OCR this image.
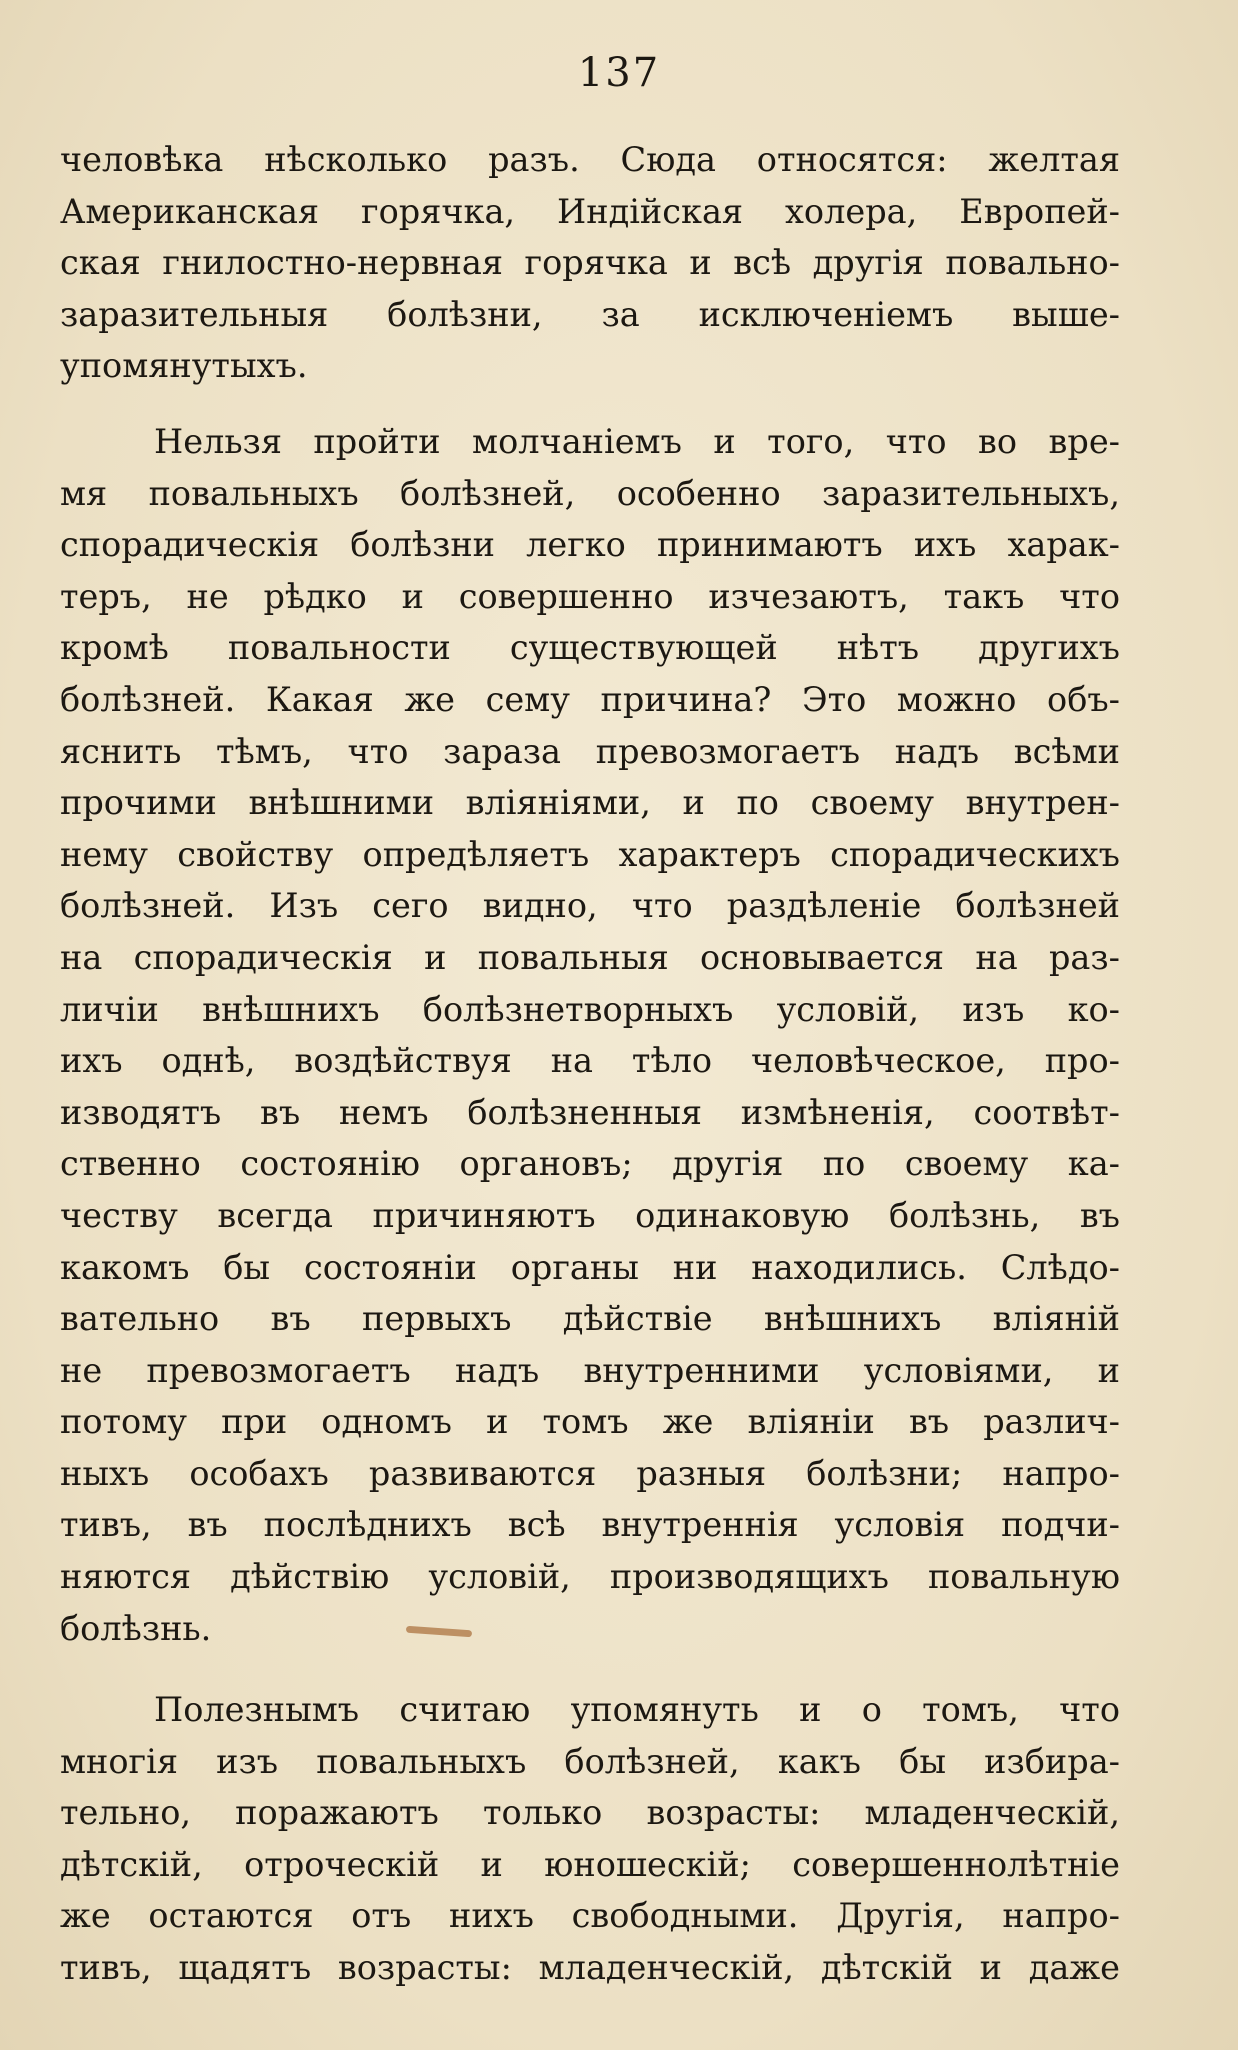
137
человѣка нѣсколько разъ. Сюда относятся: желтая
Американская горячка, Индійская холера, Европей-
ская гнилостно-нервная горячка и всѣ другія повально-
заразительныя болѣзни, за исключеніемъ выше-
упомянутыхъ.
Нельзя пройти молчаніемъ и того, что во вре-
мя повальныхъ болѣзней, особенно заразительныхъ,
спорадическія болѣзни легко принимаютъ ихъ харак-
теръ, не рѣдко и совершенно изчезаютъ, такъ что
кромѣ повальности существующей нѣтъ другихъ
болѣзней. Какая же сему причина? Это можно объ-
яснить тѣмъ, что зараза превозмогаетъ надъ всѣми
прочими внѣшними вліяніями, и по своему внутрен-
нему свойству опредѣляетъ характеръ спорадическихъ
болѣзней. Изъ сего видно, что раздѣленіе болѣзней
на спорадическія и повальныя основывается на раз-
личіи внѣшнихъ болѣзнетворныхъ условій, изъ ко-
ихъ однѣ, воздѣйствуя на тѣло человѣческое, про-
изводятъ въ немъ болѣзненныя измѣненія, соотвѣт-
ственно состоянію органовъ; другія по своему ка-
честву всегда причиняютъ одинаковую болѣзнь, въ
какомъ бы состояніи органы ни находились. Слѣдо-
вательно въ первыхъ дѣйствіе внѣшнихъ вліяній
не превозмогаетъ надъ внутренними условіями, и
потому при одномъ и томъ же вліяніи въ различ-
ныхъ особахъ развиваются разныя болѣзни; напро-
тивъ, въ послѣднихъ всѣ внутреннія условія подчи-
няются дѣйствію условій, производящихъ повальную
болѣзнь.
Полезнымъ считаю упомянуть и о томъ, что
многія изъ повальныхъ болѣзней, какъ бы избира-
тельно, поражаютъ только возрасты: младенческій,
дѣтскій, отроческій и юношескій; совершеннолѣтніе
же остаются отъ нихъ свободными. Другія, напро-
тивъ, щадятъ возрасты: младенческій, дѣтскій и даже
